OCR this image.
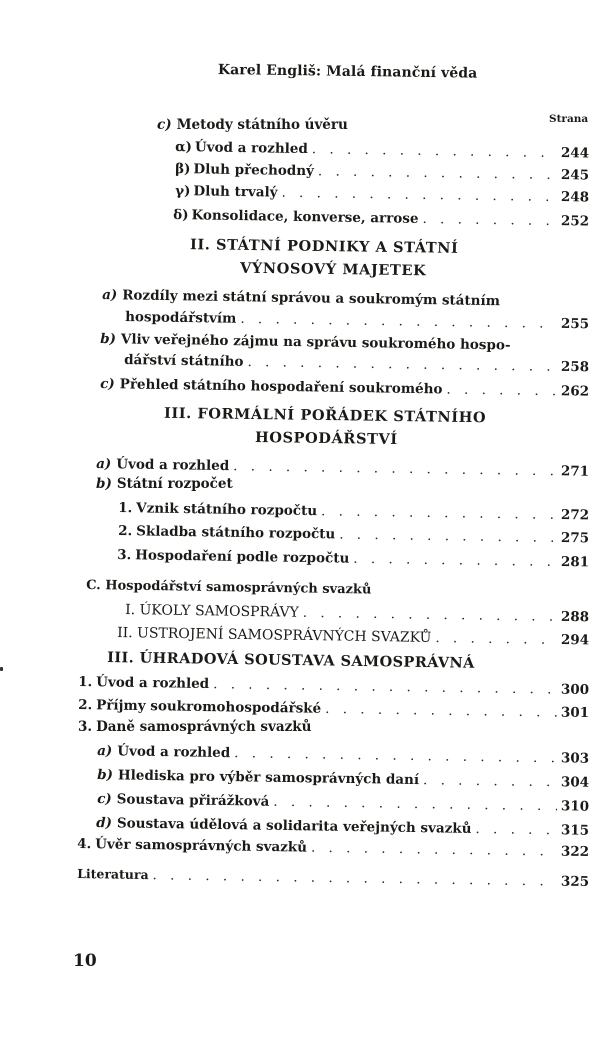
Karel Engliš: Malá finanční věda
Strana
c) Metody státního úvěru
α) Úvod a rozhled . . .	244
β) Dluh přechodný . . .	245
γ) Dluh trvalý . . .	248
δ) Konsolidace, konverse, arrose . . .	252
II. STÁTNÍ PODNIKY A STÁTNÍ
VÝNOSOVÝ MAJETEK
a) Rozdíly mezi státní správou a soukromým státním
hospodářstvím . . .	255
b) Vliv veřejného zájmu na správu soukromého hospo-
dářství státního . . .	258
c) Přehled státního hospodaření soukromého . . .	262
III. FORMÁLNÍ POŘÁDEK STÁTNÍHO
HOSPODÁŘSTVÍ
a) Úvod a rozhled . . .	271
b) Státní rozpočet
1. Vznik státního rozpočtu . . .	272
2. Skladba státního rozpočtu . . .	275
3. Hospodaření podle rozpočtu . . .	281
C. Hospodářství samosprávných svazků
I. ÚKOLY SAMOSPRÁVY . . .	288
II. USTROJENÍ SAMOSPRÁVNÝCH SVAZKŮ . . .	294
III. ÚHRADOVÁ SOUSTAVA SAMOSPRÁVNÁ
1. Úvod a rozhled . . .	300
2. Příjmy soukromohospodářské . . .	301
3. Daně samosprávných svazků
a) Úvod a rozhled . . .	303
b) Hlediska pro výběr samosprávných daní . . .	304
c) Soustava přirážková . . .	310
d) Soustava údělová a solidarita veřejných svazků . . .	315
4. Úvěr samosprávných svazků . . .	322
Literatura . . .	325
10
